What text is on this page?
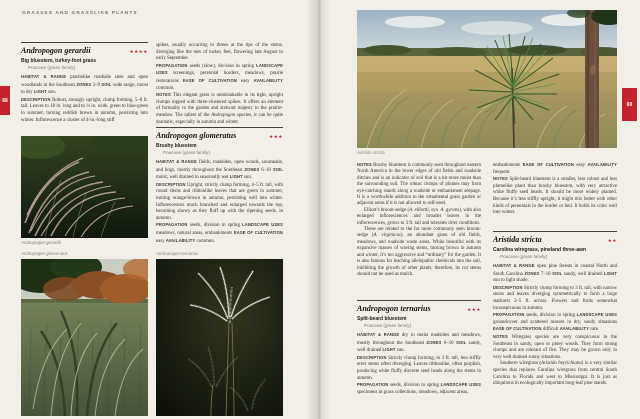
GRASSES AND GRASSLIKE PLANTS
68
69
Andropogon gerardii	★★★★
Big bluestem, turkey-foot grass
Poaceae (grass family)

HABITAT & RANGE prairielike roadside sites and open woodlands in the Southeast ZONES 3–9 SOIL wide range, moist to dry LIGHT sun.

DESCRIPTION Robust, strongly upright, clump forming, 5–8 ft. tall. Leaves to 18 in. long and to ¼ in. wide, green to blue-green in summer, turning reddish brown in autumn, persisting into winter. Inflorescence a cluster of 4-in.-long stiff

Andropogon gerardii
Andropogon glomeratus

spikes, usually occurring in threes at the tips of the stems, diverging like the toes of turkey feet, flowering late August to early September.

PROPAGATION seeds (slow), division in spring LANDSCAPE USES screenings, perennial borders, meadows, prairie restorations EASE OF CULTIVATION easy AVAILABILITY common.

NOTES This elegant grass is unmistakable in its tight, upright clumps topped with three-clustered spikes. It offers an element of formality to the garden and stalwart majesty to the prairie-meadow. The tallest of the Andropogon species, it can be quite dramatic, especially in autumn and winter.

Andropogon glomeratus	★★★
Brushy bluestem
Poaceae (grass family)

HABITAT & RANGE fields, roadsides, open woods, savannahs, and bogs, mostly throughout the Southeast ZONES 6–10 SOIL moist, well drained to seasonally wet LIGHT sun.

DESCRIPTION Upright, strictly clump forming, 4–5 ft. tall, with round stems and ribbonlike leaves that are green in summer, turning orange-brown in autumn, persisting well into winter. Inflorescences much branched and enlarged towards the top, becoming showy as they fluff up with the ripening seeds, in autumn.

PROPAGATION seeds, division in spring LANDSCAPE USES meadows, natural areas, embankments EASE OF CULTIVATION easy AVAILABILITY common.

Andropogon ternarius
Aristida stricta

NOTES Brushy bluestem is commonly seen throughout eastern North America in the lower edges of old fields and roadside ditches and is an indicator of soil that is a bit more moist than the surrounding soil. The robust clumps of plumes may form eye-catching stands along a roadside or embankment seepage. It is a worthwhile addition to the ornamental grass garden or adjacent areas if it is not allowed to self-seed.

Elliott’s broom-sedge (A. elliottii, syn. A. gyrans), with also enlarged inflorescences and broader leaves in the inflorescences, grows to 3 ft. tall and tolerates drier conditions.

These are related to the far more commonly seen broom-sedge (A. virginicus), an abundant grass of old fields, meadows, and roadside waste areas. While beautiful with its expansive masses of waving stems, turning brown in autumn and winter, it’s too aggressive and “ordinary” for the garden. It is also famous for leaching allelopathic chemicals into the soil, inhibiting the growth of other plants; therefore, its cut stems should not be used as mulch.

Andropogon ternarius	★★★
Split-beard bluestem
Poaceae (grass family)

HABITAT & RANGE dry to moist roadsides and meadows, mostly throughout the Southeast ZONES 6–10 SOIL sandy, well drained LIGHT sun.

DESCRIPTION Strictly clump forming, to 3 ft. tall, less stiffly erect stems often diverging. Leaves ribbonlike, often purplish, producing white fluffy discrete seed heads along the stems in autumn.

PROPAGATION seeds, division in spring LANDSCAPE USES specimens in grass collections, meadows, adjacent areas,

embankments EASE OF CULTIVATION easy AVAILABILITY frequent.

NOTES Split-beard bluestem is a smaller, less robust and less plumelike plant than brushy bluestem, with very attractive white fluffy seed heads. It should be more widely planted. Because it’s less stiffly upright, it might mix better with other kinds of perennials in the border or bed. It holds its color well into winter.

Aristida stricta	★★
Carolina wiregrass, pineland three-awn
Poaceae (grass family)

HABITAT & RANGE open pine forests in coastal North and South Carolina ZONES 7–10 SOIL sandy, well drained LIGHT sun to light shade.

DESCRIPTION Strictly clump forming to 3 ft. tall, with narrow stems and leaves diverging symmetrically to form a large starburst 3–5 ft. across. Flowers and fruits somewhat inconspicuous in autumn.

PROPAGATION seeds, division in spring LANDSCAPE USES groundcover and scattered masses in dry, sandy situations EASE OF CULTIVATION difficult AVAILABILITY rare.

NOTES Wiregrass species are very conspicuous in the Southeast in sandy, open or piney woods. They form strong clumps and are tolerant of fire. They may be grown only in very well drained sunny situations.

Southern wiregrass (Aristida beyrichiana) is a very similar species that replaces Carolina wiregrass from central South Carolina to Florida and west to Mississippi. It is just as ubiquitous in ecologically important long-leaf pine stands.
